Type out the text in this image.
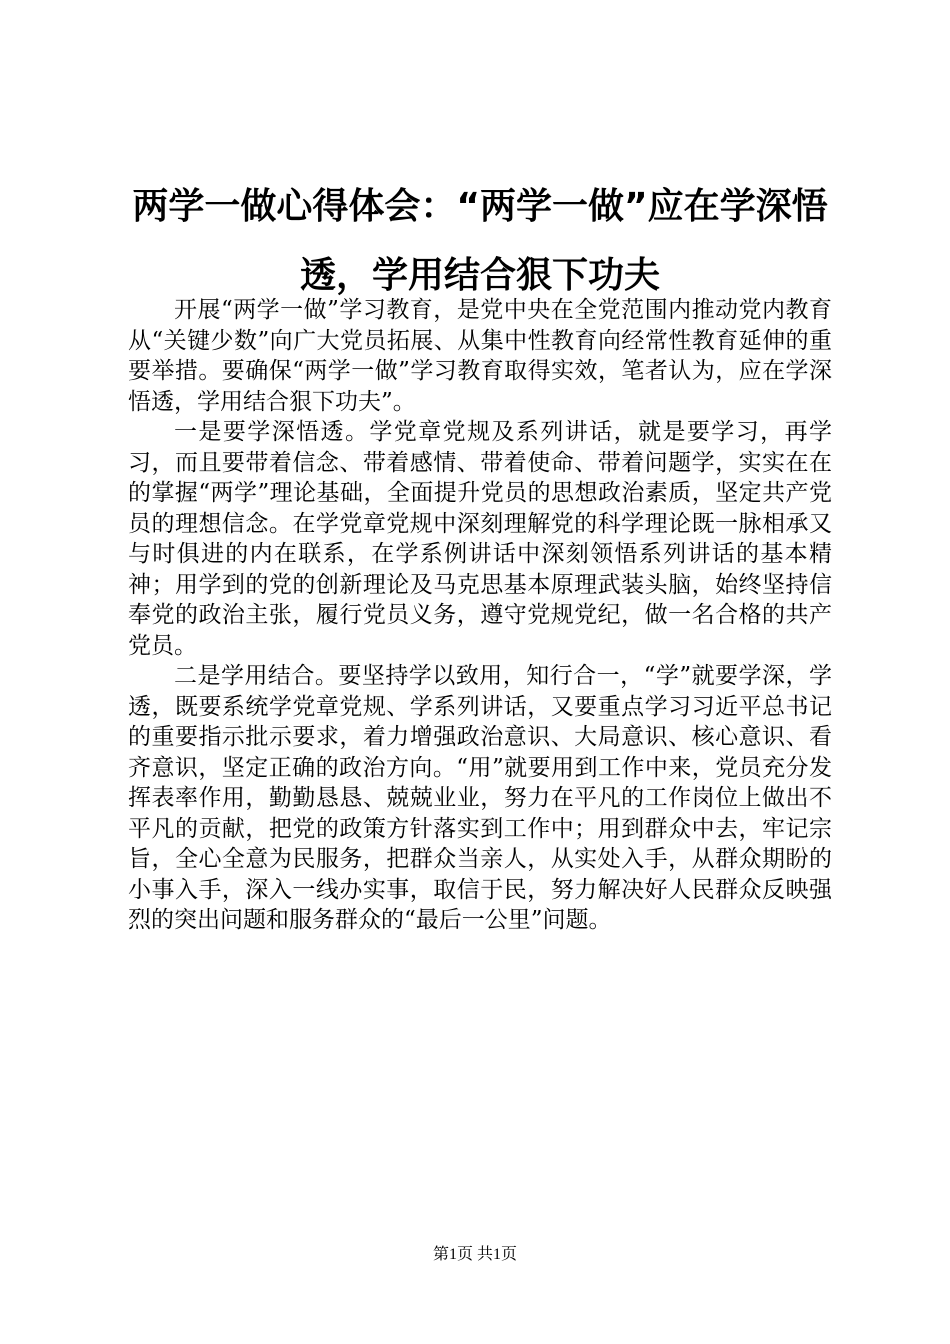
两学一做心得体会：“两学一做”应在学深悟透，学用结合狠下功夫

开展“两学一做”学习教育，是党中央在全党范围内推动党内教育从“关键少数”向广大党员拓展、从集中性教育向经常性教育延伸的重要举措。要确保“两学一做”学习教育取得实效，笔者认为，应在学深悟透，学用结合狠下功夫”。

一是要学深悟透。学党章党规及系列讲话，就是要学习，再学习，而且要带着信念、带着感情、带着使命、带着问题学，实实在在的掌握“两学”理论基础，全面提升党员的思想政治素质，坚定共产党员的理想信念。在学党章党规中深刻理解党的科学理论既一脉相承又与时俱进的内在联系，在学系例讲话中深刻领悟系列讲话的基本精神；用学到的党的创新理论及马克思基本原理武装头脑，始终坚持信奉党的政治主张，履行党员义务，遵守党规党纪，做一名合格的共产党员。

二是学用结合。要坚持学以致用，知行合一，“学”就要学深，学透，既要系统学党章党规、学系列讲话，又要重点学习习近平总书记的重要指示批示要求，着力增强政治意识、大局意识、核心意识、看齐意识，坚定正确的政治方向。“用”就要用到工作中来，党员充分发挥表率作用，勤勤恳恳、兢兢业业，努力在平凡的工作岗位上做出不平凡的贡献，把党的政策方针落实到工作中；用到群众中去，牢记宗旨，全心全意为民服务，把群众当亲人，从实处入手，从群众期盼的小事入手，深入一线办实事，取信于民，努力解决好人民群众反映强烈的突出问题和服务群众的“最后一公里”问题。

第1页 共1页
